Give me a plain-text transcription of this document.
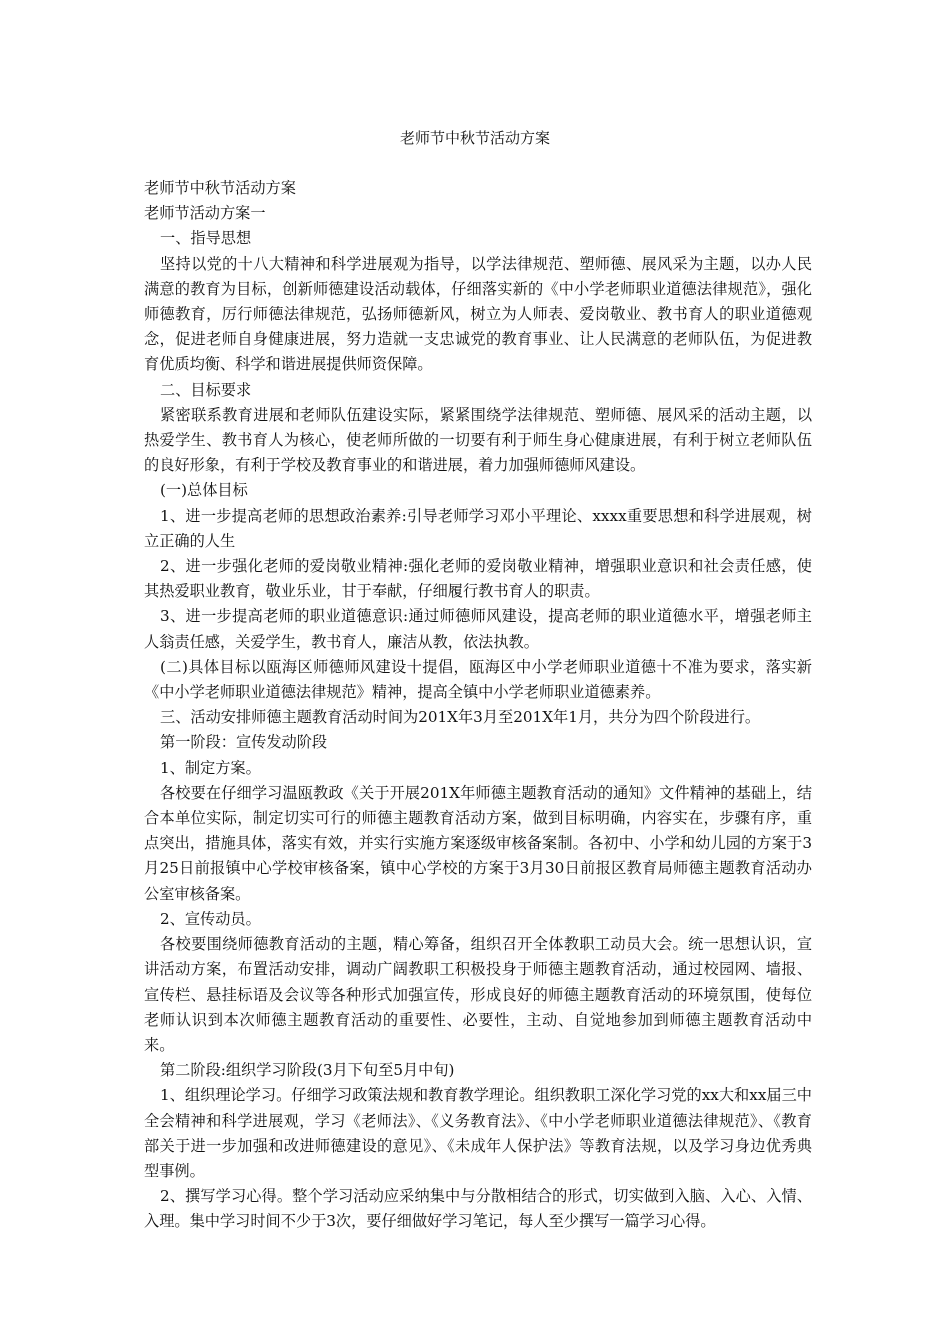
老师节中秋节活动方案

老师节中秋节活动方案

老师节活动方案一

一、指导思想

坚持以党的十八大精神和科学进展观为指导，以学法律规范、塑师德、展风采为主题，以办人民满意的教育为目标，创新师德建设活动载体，仔细落实新的《中小学老师职业道德法律规范》，强化师德教育，厉行师德法律规范，弘扬师德新风，树立为人师表、爱岗敬业、教书育人的职业道德观念，促进老师自身健康进展，努力造就一支忠诚党的教育事业、让人民满意的老师队伍，为促进教育优质均衡、科学和谐进展提供师资保障。

二、目标要求

紧密联系教育进展和老师队伍建设实际，紧紧围绕学法律规范、塑师德、展风采的活动主题，以热爱学生、教书育人为核心，使老师所做的一切要有利于师生身心健康进展，有利于树立老师队伍的良好形象，有利于学校及教育事业的和谐进展，着力加强师德师风建设。

(一)总体目标

1、进一步提高老师的思想政治素养:引导老师学习邓小平理论、xxxx重要思想和科学进展观，树立正确的人生

2、进一步强化老师的爱岗敬业精神:强化老师的爱岗敬业精神，增强职业意识和社会责任感，使其热爱职业教育，敬业乐业，甘于奉献，仔细履行教书育人的职责。

3、进一步提高老师的职业道德意识:通过师德师风建设，提高老师的职业道德水平，增强老师主人翁责任感，关爱学生，教书育人，廉洁从教，依法执教。

(二)具体目标以瓯海区师德师风建设十提倡，瓯海区中小学老师职业道德十不准为要求，落实新《中小学老师职业道德法律规范》精神，提高全镇中小学老师职业道德素养。

三、活动安排师德主题教育活动时间为201X年3月至201X年1月，共分为四个阶段进行。

第一阶段：宣传发动阶段

1、制定方案。

各校要在仔细学习温瓯教政《关于开展201X年师德主题教育活动的通知》文件精神的基础上，结合本单位实际，制定切实可行的师德主题教育活动方案，做到目标明确，内容实在，步骤有序，重点突出，措施具体，落实有效，并实行实施方案逐级审核备案制。各初中、小学和幼儿园的方案于3月25日前报镇中心学校审核备案，镇中心学校的方案于3月30日前报区教育局师德主题教育活动办公室审核备案。

2、宣传动员。

各校要围绕师德教育活动的主题，精心筹备，组织召开全体教职工动员大会。统一思想认识，宣讲活动方案，布置活动安排，调动广阔教职工积极投身于师德主题教育活动，通过校园网、墙报、宣传栏、悬挂标语及会议等各种形式加强宣传，形成良好的师德主题教育活动的环境氛围，使每位老师认识到本次师德主题教育活动的重要性、必要性，主动、自觉地参加到师德主题教育活动中来。

第二阶段:组织学习阶段(3月下旬至5月中旬)

1、组织理论学习。仔细学习政策法规和教育教学理论。组织教职工深化学习党的xx大和xx届三中全会精神和科学进展观，学习《老师法》、《义务教育法》、《中小学老师职业道德法律规范》、《教育部关于进一步加强和改进师德建设的意见》、《未成年人保护法》等教育法规，以及学习身边优秀典型事例。

2、撰写学习心得。整个学习活动应采纳集中与分散相结合的形式，切实做到入脑、入心、入情、入理。集中学习时间不少于3次，要仔细做好学习笔记，每人至少撰写一篇学习心得。
